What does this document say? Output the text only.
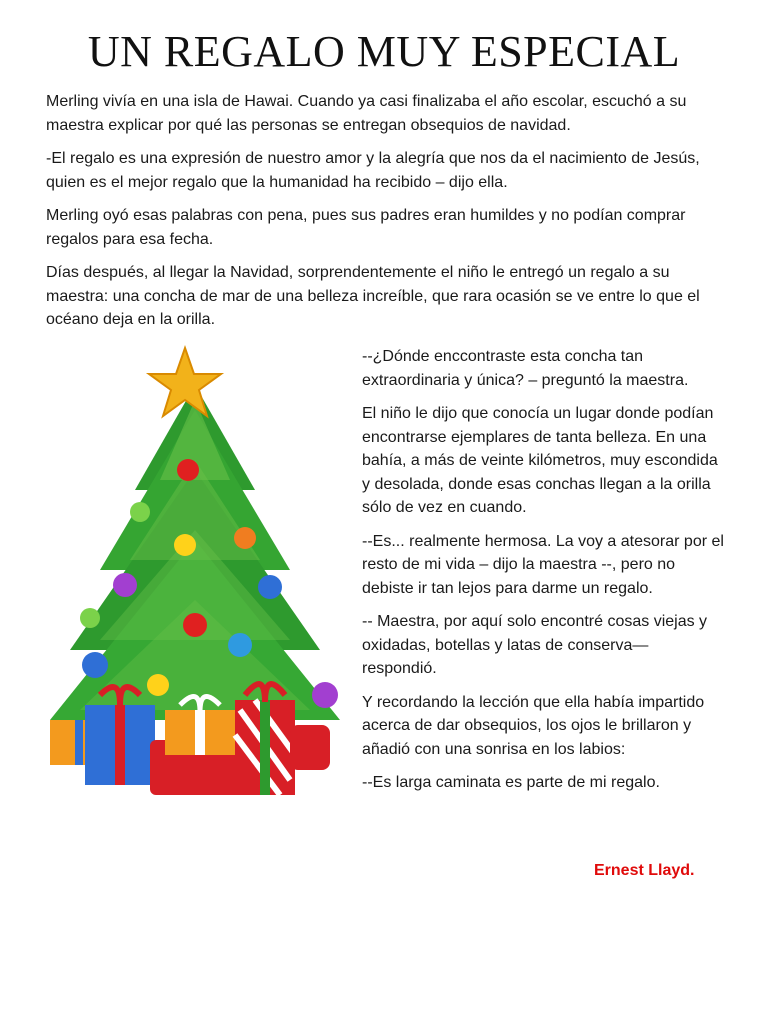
UN REGALO MUY ESPECIAL

Merling vivía en una isla de Hawai. Cuando ya casi finalizaba el año escolar, escuchó a su maestra explicar por qué las personas se entregan obsequios de navidad.

-El regalo es una expresión de nuestro amor y la alegría que nos da el nacimiento de Jesús, quien es el mejor regalo que la humanidad ha recibido – dijo ella.

Merling oyó esas palabras con pena, pues sus padres eran humildes y no podían comprar regalos para esa fecha.

Días después, al llegar la Navidad, sorprendentemente el niño le entregó un regalo a su maestra: una concha de mar de una belleza increíble, que rara ocasión se ve entre lo que el océano deja en la orilla.

--¿Dónde enccontraste esta concha tan extraordinaria y única? – preguntó la maestra.

El niño le dijo que conocía un lugar donde podían encontrarse ejemplares de tanta belleza. En una bahía, a más de veinte kilómetros, muy escondida y desolada, donde esas conchas llegan a la orilla sólo de vez en cuando.

--Es... realmente hermosa. La voy a atesorar por el resto de mi vida – dijo la maestra --, pero no debiste ir tan lejos para darme un regalo.

-- Maestra, por aquí solo encontré cosas viejas y oxidadas, botellas y latas de conserva— respondió.

Y recordando la lección que ella había impartido acerca de dar obsequios, los ojos le brillaron y añadió con una sonrisa en los labios:

--Es larga caminata es parte de mi regalo.

Ernest Llayd.
